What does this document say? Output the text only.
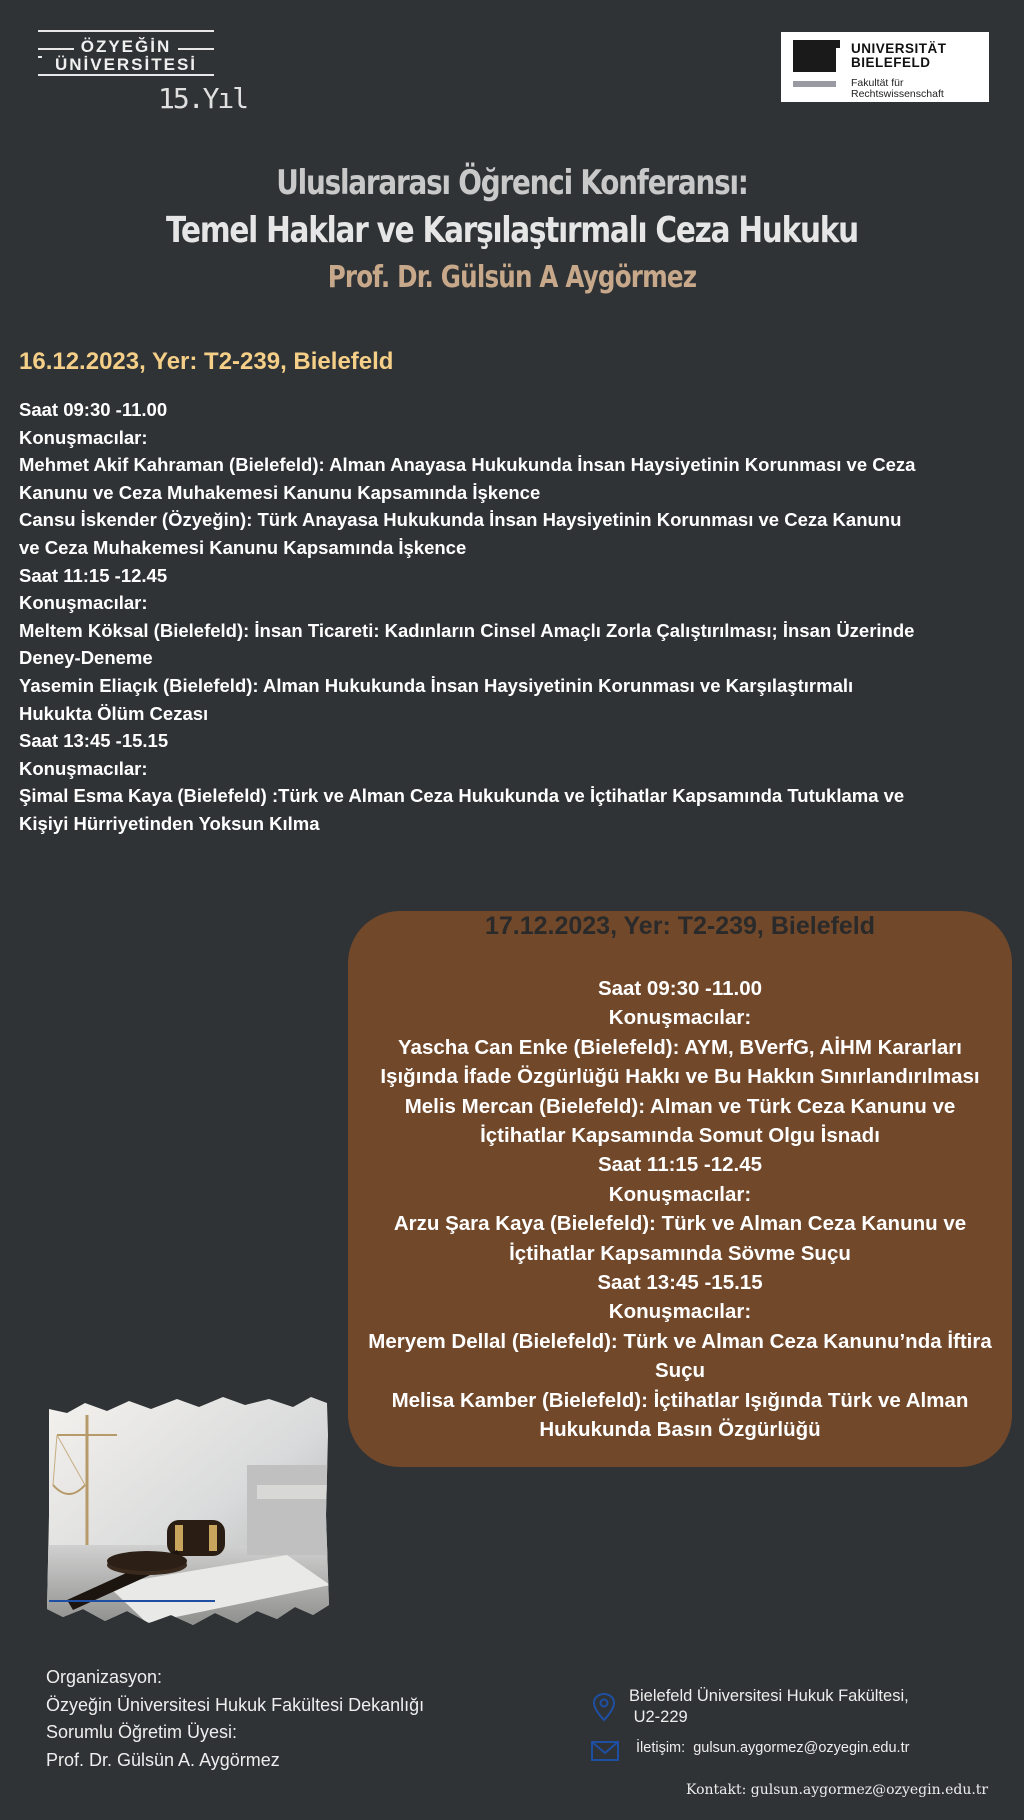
ÖZYEĞİN
ÜNİVERSİTESİ
15.Yıl
UNIVERSITÄT
BIELEFELD
Fakultät für
Rechtswissenschaft
Uluslararası Öğrenci Konferansı:
Temel Haklar ve Karşılaştırmalı Ceza Hukuku
Prof. Dr. Gülsün A Aygörmez
16.12.2023, Yer: T2-239, Bielefeld
Saat 09:30 -11.00
Konuşmacılar:
Mehmet Akif Kahraman (Bielefeld): Alman Anayasa Hukukunda İnsan Haysiyetinin Korunması ve Ceza
Kanunu ve Ceza Muhakemesi Kanunu Kapsamında İşkence
Cansu İskender (Özyeğin): Türk Anayasa Hukukunda İnsan Haysiyetinin Korunması ve Ceza Kanunu
ve Ceza Muhakemesi Kanunu Kapsamında İşkence
Saat 11:15 -12.45
Konuşmacılar:
Meltem Köksal (Bielefeld): İnsan Ticareti: Kadınların Cinsel Amaçlı Zorla Çalıştırılması; İnsan Üzerinde
Deney-Deneme
Yasemin Eliaçık (Bielefeld): Alman Hukukunda İnsan Haysiyetinin Korunması ve Karşılaştırmalı
Hukukta Ölüm Cezası
Saat 13:45 -15.15
Konuşmacılar:
Şimal Esma Kaya (Bielefeld) :Türk ve Alman Ceza Hukukunda ve İçtihatlar Kapsamında Tutuklama ve
Kişiyi Hürriyetinden Yoksun Kılma
17.12.2023, Yer: T2-239, Bielefeld
Saat 09:30 -11.00
Konuşmacılar:
Yascha Can Enke (Bielefeld): AYM, BVerfG, AİHM Kararları
Işığında İfade Özgürlüğü Hakkı ve Bu Hakkın Sınırlandırılması
Melis Mercan (Bielefeld): Alman ve Türk Ceza Kanunu ve
İçtihatlar Kapsamında Somut Olgu İsnadı
Saat 11:15 -12.45
Konuşmacılar:
Arzu Şara Kaya (Bielefeld): Türk ve Alman Ceza Kanunu ve
İçtihatlar Kapsamında Sövme Suçu
Saat 13:45 -15.15
Konuşmacılar:
Meryem Dellal (Bielefeld): Türk ve Alman Ceza Kanunu’nda İftira
Suçu
Melisa Kamber (Bielefeld): İçtihatlar Işığında Türk ve Alman
Hukukunda Basın Özgürlüğü
Organizasyon:
Özyeğin Üniversitesi Hukuk Fakültesi Dekanlığı
Sorumlu Öğretim Üyesi:
Prof. Dr. Gülsün A. Aygörmez
Bielefeld Üniversitesi Hukuk Fakültesi,
U2-229
İletişim:  gulsun.aygormez@ozyegin.edu.tr
Kontakt: gulsun.aygormez@ozyegin.edu.tr
